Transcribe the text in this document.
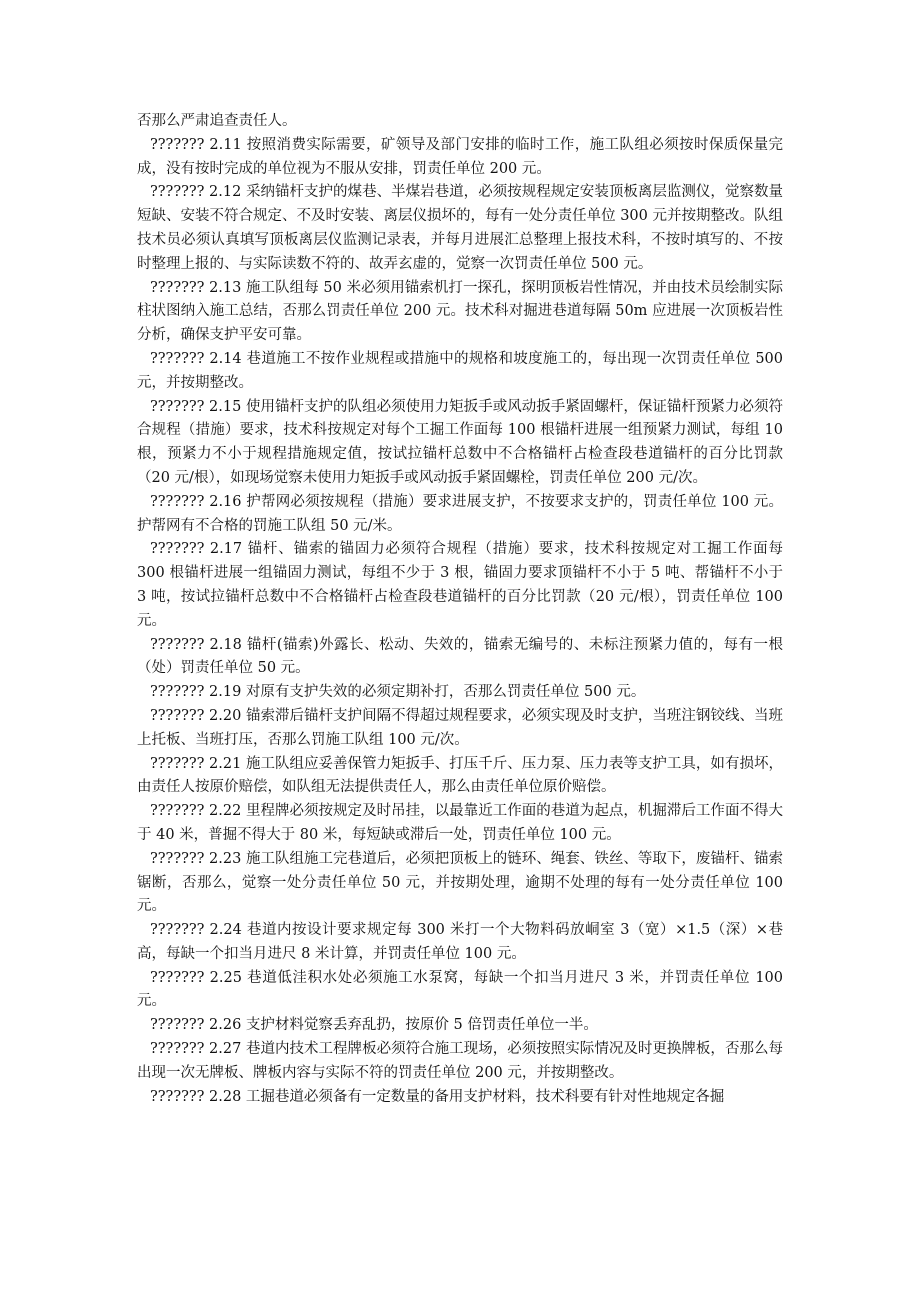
否那么严肃追查责任人。

??????? 2.11 按照消费实际需要，矿领导及部门安排的临时工作，施工队组必须按时保质保量完成，没有按时完成的单位视为不服从安排，罚责任单位 200 元。

??????? 2.12 采纳锚杆支护的煤巷、半煤岩巷道，必须按规程规定安装顶板离层监测仪，觉察数量短缺、安装不符合规定、不及时安装、离层仪损坏的，每有一处分责任单位 300 元并按期整改。队组技术员必须认真填写顶板离层仪监测记录表，并每月进展汇总整理上报技术科，不按时填写的、不按时整理上报的、与实际读数不符的、故弄玄虚的，觉察一次罚责任单位 500 元。

??????? 2.13 施工队组每 50 米必须用锚索机打一探孔，探明顶板岩性情况，并由技术员绘制实际柱状图纳入施工总结，否那么罚责任单位 200 元。技术科对掘进巷道每隔 50m 应进展一次顶板岩性分析，确保支护平安可靠。

??????? 2.14 巷道施工不按作业规程或措施中的规格和坡度施工的，每出现一次罚责任单位 500 元，并按期整改。

??????? 2.15 使用锚杆支护的队组必须使用力矩扳手或风动扳手紧固螺杆，保证锚杆预紧力必须符合规程（措施）要求，技术科按规定对每个工掘工作面每 100 根锚杆进展一组预紧力测试，每组 10 根，预紧力不小于规程措施规定值，按试拉锚杆总数中不合格锚杆占检查段巷道锚杆的百分比罚款（20 元/根），如现场觉察未使用力矩扳手或风动扳手紧固螺栓，罚责任单位 200 元/次。

??????? 2.16 护帮网必须按规程（措施）要求进展支护，不按要求支护的，罚责任单位 100 元。护帮网有不合格的罚施工队组 50 元/米。

??????? 2.17 锚杆、锚索的锚固力必须符合规程（措施）要求，技术科按规定对工掘工作面每 300 根锚杆进展一组锚固力测试，每组不少于 3 根，锚固力要求顶锚杆不小于 5 吨、帮锚杆不小于 3 吨，按试拉锚杆总数中不合格锚杆占检查段巷道锚杆的百分比罚款（20 元/根），罚责任单位 100 元。

??????? 2.18 锚杆(锚索)外露长、松动、失效的，锚索无编号的、未标注预紧力值的，每有一根（处）罚责任单位 50 元。

??????? 2.19 对原有支护失效的必须定期补打，否那么罚责任单位 500 元。

??????? 2.20 锚索滞后锚杆支护间隔不得超过规程要求，必须实现及时支护，当班注钢铰线、当班上托板、当班打压，否那么罚施工队组 100 元/次。

??????? 2.21 施工队组应妥善保管力矩扳手、打压千斤、压力泵、压力表等支护工具，如有损坏，由责任人按原价赔偿，如队组无法提供责任人，那么由责任单位原价赔偿。

??????? 2.22 里程牌必须按规定及时吊挂，以最靠近工作面的巷道为起点，机掘滞后工作面不得大于 40 米，普掘不得大于 80 米，每短缺或滞后一处，罚责任单位 100 元。

??????? 2.23 施工队组施工完巷道后，必须把顶板上的链环、绳套、铁丝、等取下，废锚杆、锚索锯断，否那么，觉察一处分责任单位 50 元，并按期处理，逾期不处理的每有一处分责任单位 100 元。

??????? 2.24 巷道内按设计要求规定每 300 米打一个大物料码放峒室 3（宽）×1.5（深）×巷高，每缺一个扣当月进尺 8 米计算，并罚责任单位 100 元。

??????? 2.25 巷道低洼积水处必须施工水泵窝，每缺一个扣当月进尺 3 米，并罚责任单位 100 元。

??????? 2.26 支护材料觉察丢弃乱扔，按原价 5 倍罚责任单位一半。

??????? 2.27 巷道内技术工程牌板必须符合施工现场，必须按照实际情况及时更换牌板，否那么每出现一次无牌板、牌板内容与实际不符的罚责任单位 200 元，并按期整改。

??????? 2.28 工掘巷道必须备有一定数量的备用支护材料，技术科要有针对性地规定各掘
